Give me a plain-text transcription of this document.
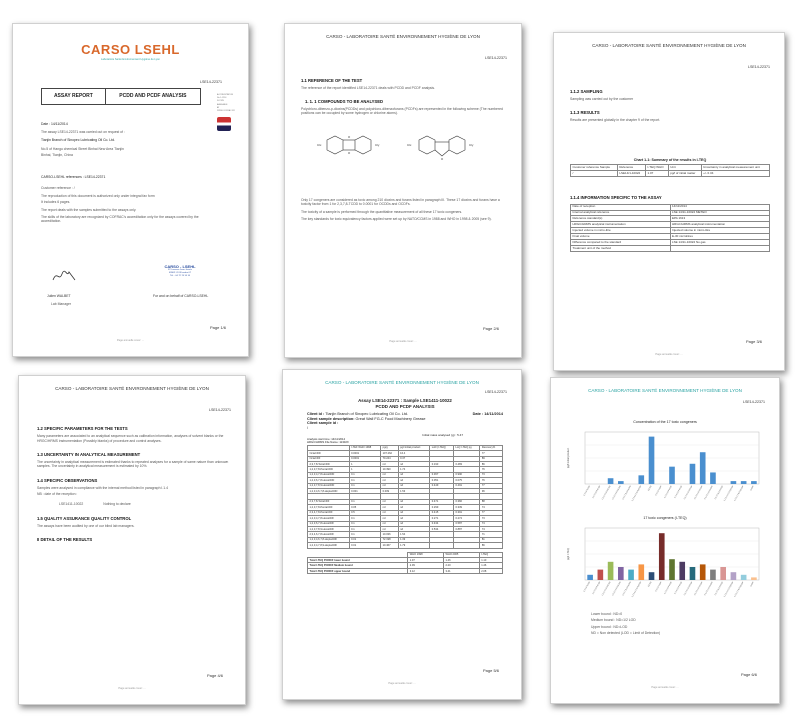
CARSO LSEHL
Laboratoire Santé Environnement Hygiène de Lyon
LSE14-22371
ASSAY REPORT	PCDD AND PCDF ANALYSIS	ACCREDITATION
No 1-1234
SCOPE
AVAILABLE
AT
WWW.COFRAC.FR
Date : 14/11/2014
The assay LSE14-22371 was carried out on request of :
Tianjin Branch of Sinopec Lubricating Oil Co. Ltd.
No.5 of Hangu chemical Street Binhai New Area Tianjin
Binhai, Tianjin, China
CARSO-LSEHL references : LSE14-22371
Customer reference : /
The reproduction of this document is authorized only under integral fax form
It includes 6 pages.
The report deals with the samples submitted to the assays only.
The skills of the laboratory are recognized by COFRAC's accreditation only for the assays covered by the accreditation.
CARSO - LSEHL
321 avenue Jean Jaurès
69362 LYON cedex 07
Tél. : 04 72 76 16 16
Julien WALBET
Lab Manager
For and on behalf of CARSO-LSEHL
Page 1/6
Page annuelle cover: ...
CARSO - LABORATOIRE SANTÉ ENVIRONNEMENT HYGIÈNE DE LYON
LSE14-22371
1.1 REFERENCE OF THE TEST
The reference of the report identified LSE14-22371 deals with PCDD and PCDF analysis.
1. 1. 1 COMPOUNDS TO BE ANALYSED
Polychloro-dibenzo-p-dioxins(PCDDs) and polychloro-dibenzofurans (PCDFs) are represented in the following scheme (The numbered positions can be occupied by some hydrogen or chlorine atoms).
O
O
O
Clx	Cly	Clx	Cly
Only 17 congeners are considered as toxic among 210 dioxins and furans listed in paragraph III. These 17 dioxins and furans have a toxicity factor from 1 for 2,3,7,8-TCDD to 0.0001 for OCDDs and OCDFs.
The toxicity of a sample is performed through the quantitative measurement of all these 17 toxic congeners.
The key standards for toxic equivalency factors applied were set up by NATO/CCMS in 1988 and WHO in 1998 & 2005 (see 9).
Page 2/6
Page annuelle cover: ...
CARSO - LABORATOIRE SANTÉ ENVIRONNEMENT HYGIÈNE DE LYON
LSE14-22371
1.1.2 SAMPLING
Sampling was carried out by the customer
1.1.3 RESULTS
Results are presented globally in the chapter 9 of the report.
Chart 1-1: Summary of the results in I-TEQ
Customer reference Sample	Reference	I-TEQ WHO	Unit	Uncertainty in analytical measurement unit
/	LSE14/1-10022	1.07	pg/l of initial matter	+/- 0.34
1.1.4 INFORMATION SPECIFIC TO THE ASSAY
Date of reception	14/11/2014
Internal analytical reference	LSE 14/11-10022 METEO
Reference standard(s)	EPA 1613
HRGC/HRMS analytical instrumentation	HRGC/HRMS analytical instrumentation
Injected volume in micro-litre	Injected volume in micro-litre
Final volume	E-30 microlitres
Difference compared to the standard	LSE 14/11-10022 No gas
Treatment unit of the method	
Page 3/6
Page annuelle cover: ...
CARSO - LABORATOIRE SANTÉ ENVIRONNEMENT HYGIÈNE DE LYON
LSE14-22371
1.2 SPECIFIC PARAMETERS FOR THE TESTS
Many parameters are associated to an analytical sequence such as calibration information, analyses of solvent blanks or the HRGC/HRMS instrumentation (Possibly blanks) of procedure and control analyses.
1.3 UNCERTAINTY IN ANALYTICAL MEASUREMENT
The uncertainty in analytical measurement is estimated thanks to repeated analyses for a sample of same nature than unknown samples. The uncertainty in analytical measurement is estimated by 10%.
1.4 SPECIFIC OBSERVATIONS
Samples were analysed in compliance with the internal method listed in paragraph I.1.4
NB : date of the reception :
LSE1411-10022	Nothing to declare
1.5 QUALITY ASSURANCE QUALITY CONTROL
The assays have been audited by one of our blind lab managers.
II DETAIL OF THE RESULTS
Page 4/6
Page annuelle cover: ...
CARSO - LABORATOIRE SANTÉ ENVIRONNEMENT HYGIÈNE DE LYON
LSE14-22371
Assay LSE14-22371 : Sample LSE1411-10022
PCDD AND PCDF ANALYSIS
Client id : Tianjin Branch of Sinopec Lubricating Oil Co. Ltd.	Date : 14/11/2014
Client sample description: Great Wall FG-C Food Machinery Grease
Client sample id :
/
Initial mass analysed (g) : 5.47
Analysis start time: 14/11/2014
HRGC/HRMS File Name: 11302X
	I-TEF WHO 1998	pg/g	pg/l initial product	LoD (I-TEQ)	LoQ I-TEQ pg	Recovery%
OctaCDD	0.0001	107.262	16.4			77
OctaCDF	0.0001	70.244	0.37			89
2,3,7,8-TetraCDD	1	nd	nd	0.193	0.483	86
1,2,3,7,8-PentaCDD	1	10.390	1.74			76
1,2,3,4,7,8-HexaCDD	0.1	nd	nd	0.367	0.990	73
1,2,3,6,7,8-HexaCDD	0.1	nd	nd	0.051	0.075	76
1,2,3,7,8,9-HexaCDD	0.1	nd	nd	0.449	0.491	77
1,2,3,4,6,7,8-HeptaCDD	0.001	0.009	1.53			96

2,3,7,8-TetraCDF	0.1	nd	nd	0.471	0.382	88
1,2,3,7,8-PentaCDF	0.05	nd	nd	0.299	0.339	74
2,3,4,7,8-PentaCDF	0.5	nd	nd	0.415	0.391	77
1,2,3,4,7,8-HexaCDF	0.1	nd	nd	0.271	0.274	73
1,2,3,6,7,8-HexaCDF	0.1	nd	nd	0.434	0.587	74
1,2,3,7,8,9-HexaCDF	0.1	nd	nd	0.534	0.887	74
2,3,4,6,7,8-HexaCDF	0.1	10.036	1.54			71
1,2,3,4,6,7,8-HeptaCDF	0.01	72.198	1.39			81
1,2,3,4,7,8,9-HeptaCDF	0.01	10.467	1.79			86
	WHO 1998	WHO 2005	I-TEQ
Total I-TEQ PCDD/F lower bound	1.07	1.46	1.10
Total I-TEQ PCDD/F Medium bound	2.09	2.20	1.46
Total I-TEQ PCDD/F upper bound	3.12	3.41	2.08
Page 5/6
Page annuelle cover: ...
CARSO - LABORATOIRE SANTÉ ENVIRONNEMENT HYGIÈNE DE LYON
LSE14-22371
Concentration of the 17 toxic congeners
pg/l initial product
2,3,7,8-TCDD 1,2,3,7,8-PeCDD 1,2,3,4,7,8-HxCDD 1,2,3,6,7,8-HxCDD 1,2,3,7,8,9-HxCDD 1,2,3,4,6,7,8-HpCDD	OCDD 2,3,7,8-TCDF 1,2,3,7,8-PeCDF 2,3,4,7,8-PeCDF 1,2,3,4,7,8-HxCDF 1,2,3,6,7,8-HxCDF 2,3,4,6,7,8-HxCDF 1,2,3,7,8,9-HxCDF 1,2,3,4,6,7,8-HpCDF 1,2,3,4,7,8,9-HpCDF	OCDF
17 toxic congeners (I-TEQ)
pg/l I-TEQ
2,3,7,8-TCDD 1,2,3,7,8-PeCDD 1,2,3,4,7,8-HxCDD 1,2,3,6,7,8-HxCDD 1,2,3,7,8,9-HxCDD 1,2,3,4,6,7,8-HpCDD	OCDD 2,3,7,8-TCDF 1,2,3,7,8-PeCDF 2,3,4,7,8-PeCDF 1,2,3,4,7,8-HxCDF 1,2,3,6,7,8-HxCDF 2,3,4,6,7,8-HxCDF 1,2,3,7,8,9-HxCDF 1,2,3,4,6,7,8-HpCDF 1,2,3,4,7,8,9-HpCDF	OCDF
Lower bound : ND=0
Medium bound : ND=1/2 LOD
Upper bound : ND=LOD
ND = Non detected (LOD = Limit of Detection)
Page 6/6
Page annuelle cover: ...
